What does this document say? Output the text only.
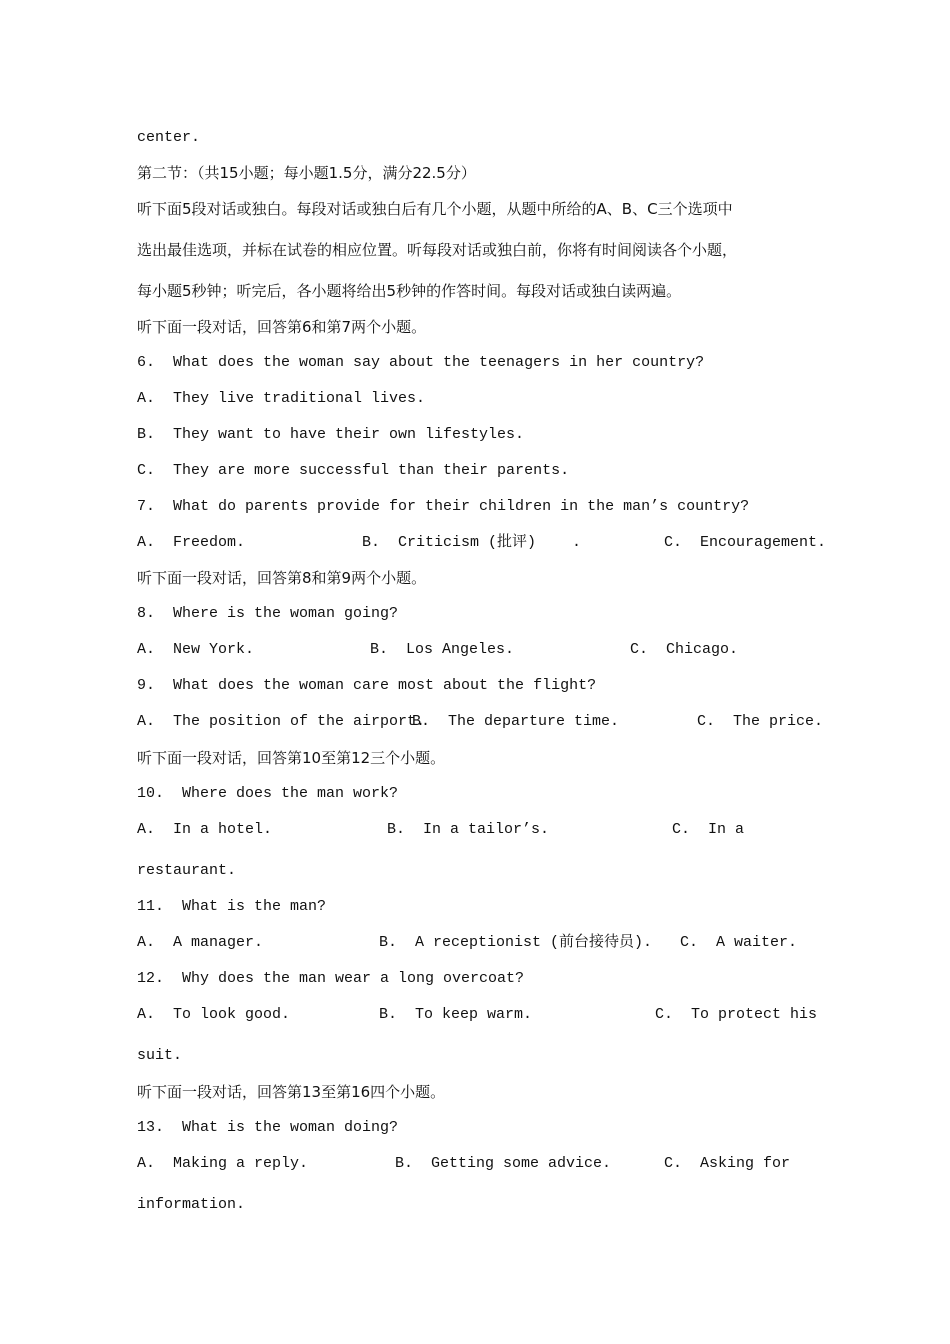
center.
第二节：（共15小题；每小题1.5分，满分22.5分）
听下面5段对话或独白。每段对话或独白后有几个小题，从题中所给的A、B、C三个选项中
选出最佳选项，并标在试卷的相应位置。听每段对话或独白前，你将有时间阅读各个小题，
每小题5秒钟；听完后，各小题将给出5秒钟的作答时间。每段对话或独白读两遍。
听下面一段对话，回答第6和第7两个小题。
6.  What does the woman say about the teenagers in her country?
A.  They live traditional lives.
B.  They want to have their own lifestyles.
C.  They are more successful than their parents.
7.  What do parents provide for their children in the man’s country?
A.  Freedom.	B.  Criticism (批评)    .	C.  Encouragement.
听下面一段对话，回答第8和第9两个小题。
8.  Where is the woman going?
A.  New York.	B.  Los Angeles.	C.  Chicago.
9.  What does the woman care most about the flight?
A.  The position of the airport.
B.  The departure time.	C.  The price.
听下面一段对话，回答第10至第12三个小题。
10.  Where does the man work?
A.  In a hotel.	B.  In a tailor’s.	C.  In a
restaurant.
11.  What is the man?
A.  A manager.	B.  A receptionist (前台接待员). C.  A waiter.
12.  Why does the man wear a long overcoat?
A.  To look good.	B.  To keep warm.	C.  To protect his
suit.
听下面一段对话，回答第13至第16四个小题。
13.  What is the woman doing?
A.  Making a reply.	B.  Getting some advice.	C.  Asking for
information.
